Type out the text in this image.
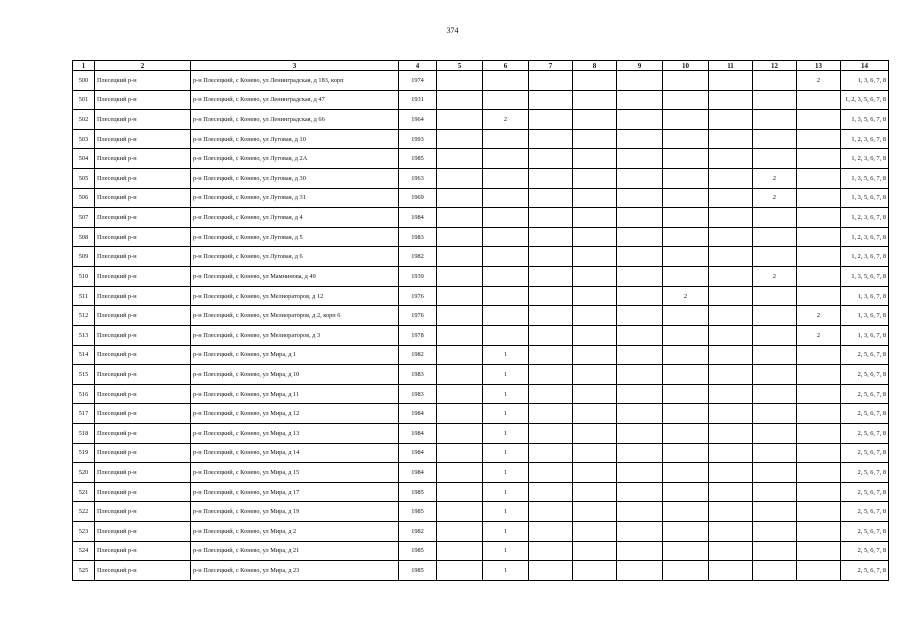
374
1	2	3	4	5	6	7	8	9	10	11	12	13	14
500	Плесецкий р-н	р-н Плесецкий, с Конево, ул Ленинградская, д 183, корп	1974									2	1, 3, 6, 7, 8
501	Плесецкий р-н	р-н Плесецкий, с Конево, ул Ленинградская, д 47	1931										1, 2, 3, 5, 6, 7, 8
502	Плесецкий р-н	р-н Плесецкий, с Конево, ул Ленинградская, д 66	1964		2								1, 3, 5, 6, 7, 8
503	Плесецкий р-н	р-н Плесецкий, с Конево, ул Луговая, д 10	1993										1, 2, 3, 6, 7, 8
504	Плесецкий р-н	р-н Плесецкий, с Конево, ул Луговая, д 2А	1985										1, 2, 3, 6, 7, 8
505	Плесецкий р-н	р-н Плесецкий, с Конево, ул Луговая, д 30	1963								2		1, 3, 5, 6, 7, 8
506	Плесецкий р-н	р-н Плесецкий, с Конево, ул Луговая, д 31	1969								2		1, 3, 5, 6, 7, 8
507	Плесецкий р-н	р-н Плесецкий, с Конево, ул Луговая, д 4	1984										1, 2, 3, 6, 7, 8
508	Плесецкий р-н	р-н Плесецкий, с Конево, ул Луговая, д 5	1983										1, 2, 3, 6, 7, 8
509	Плесецкий р-н	р-н Плесецкий, с Конево, ул Луговая, д 6	1982										1, 2, 3, 6, 7, 8
510	Плесецкий р-н	р-н Плесецкий, с Конево, ул Мамнинова, д 49	1939								2		1, 3, 5, 6, 7, 8
511	Плесецкий р-н	р-н Плесецкий, с Конево, ул Мелиораторов, д 12	1976						2				1, 3, 6, 7, 8
512	Плесецкий р-н	р-н Плесецкий, с Конево, ул Мелиораторов, д 2, корп 6	1976									2	1, 3, 6, 7, 8
513	Плесецкий р-н	р-н Плесецкий, с Конево, ул Мелиораторов, д 3	1978									2	1, 3, 6, 7, 8
514	Плесецкий р-н	р-н Плесецкий, с Конево, ул Мира, д 1	1982		1								2, 5, 6, 7, 8
515	Плесецкий р-н	р-н Плесецкий, с Конево, ул Мира, д 10	1983		1								2, 5, 6, 7, 8
516	Плесецкий р-н	р-н Плесецкий, с Конево, ул Мира, д 11	1983		1								2, 5, 6, 7, 8
517	Плесецкий р-н	р-н Плесецкий, с Конево, ул Мира, д 12	1984		1								2, 5, 6, 7, 8
518	Плесецкий р-н	р-н Плесецкий, с Конево, ул Мира, д 13	1984		1								2, 5, 6, 7, 8
519	Плесецкий р-н	р-н Плесецкий, с Конево, ул Мира, д 14	1984		1								2, 5, 6, 7, 8
520	Плесецкий р-н	р-н Плесецкий, с Конево, ул Мира, д 15	1984		1								2, 5, 6, 7, 8
521	Плесецкий р-н	р-н Плесецкий, с Конево, ул Мира, д 17	1985		1								2, 5, 6, 7, 8
522	Плесецкий р-н	р-н Плесецкий, с Конево, ул Мира, д 19	1985		1								2, 5, 6, 7, 8
523	Плесецкий р-н	р-н Плесецкий, с Конево, ул Мира, д 2	1982		1								2, 5, 6, 7, 8
524	Плесецкий р-н	р-н Плесецкий, с Конево, ул Мира, д 21	1985		1								2, 5, 6, 7, 8
525	Плесецкий р-н	р-н Плесецкий, с Конево, ул Мира, д 23	1985		1								2, 5, 6, 7, 8
